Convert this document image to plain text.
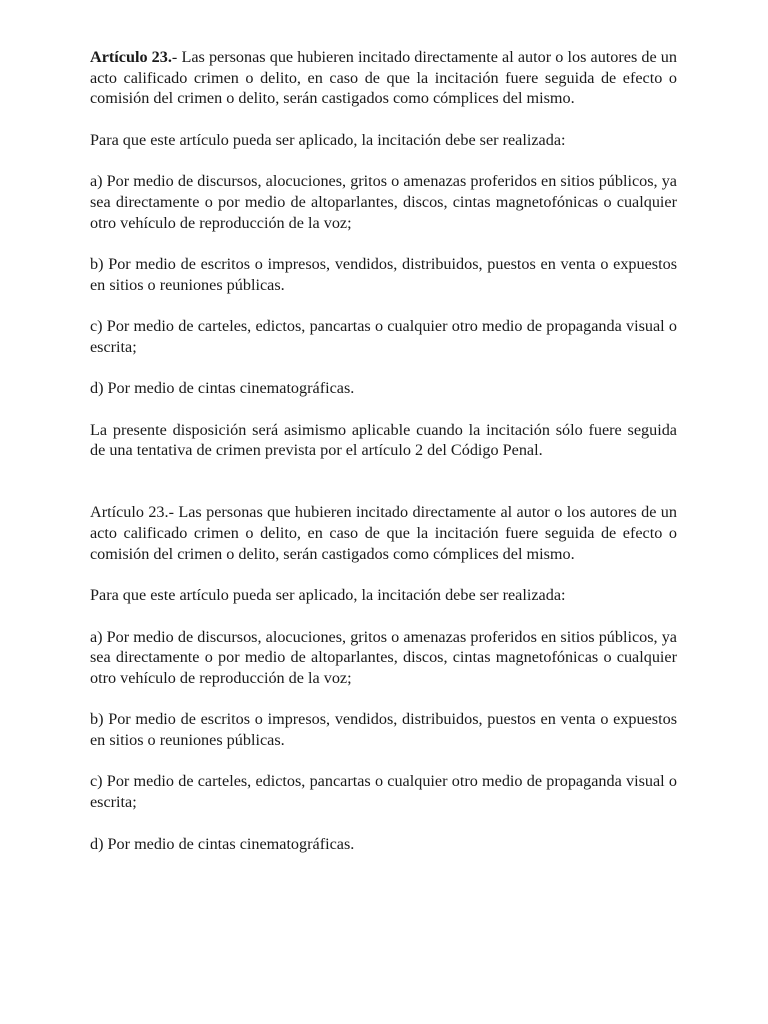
Artículo 23.- Las personas que hubieren incitado directamente al autor o los autores de un acto calificado crimen o delito, en caso de que la incitación fuere seguida de efecto o comisión del crimen o delito, serán castigados como cómplices del mismo.

Para que este artículo pueda ser aplicado, la incitación debe ser realizada:

a) Por medio de discursos, alocuciones, gritos o amenazas proferidos en sitios públicos, ya sea directamente o por medio de altoparlantes, discos, cintas magnetofónicas o cualquier otro vehículo de reproducción de la voz;

b) Por medio de escritos o impresos, vendidos, distribuidos, puestos en venta o expuestos en sitios o reuniones públicas.

c) Por medio de carteles, edictos, pancartas o cualquier otro medio de propaganda visual o escrita;

d) Por medio de cintas cinematográficas.

La presente disposición será asimismo aplicable cuando la incitación sólo fuere seguida de una tentativa de crimen prevista por el artículo 2 del Código Penal.

Artículo 23.- Las personas que hubieren incitado directamente al autor o los autores de un acto calificado crimen o delito, en caso de que la incitación fuere seguida de efecto o comisión del crimen o delito, serán castigados como cómplices del mismo.

Para que este artículo pueda ser aplicado, la incitación debe ser realizada:

a) Por medio de discursos, alocuciones, gritos o amenazas proferidos en sitios públicos, ya sea directamente o por medio de altoparlantes, discos, cintas magnetofónicas o cualquier otro vehículo de reproducción de la voz;

b) Por medio de escritos o impresos, vendidos, distribuidos, puestos en venta o expuestos en sitios o reuniones públicas.

c) Por medio de carteles, edictos, pancartas o cualquier otro medio de propaganda visual o escrita;

d) Por medio de cintas cinematográficas.
